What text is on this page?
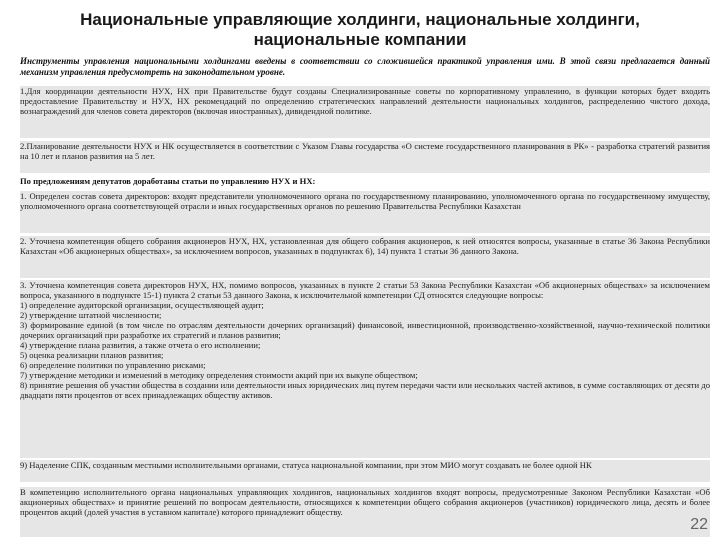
Национальные управляющие холдинги, национальные холдинги, национальные компании
Инструменты управления национальными холдингами введены в соответствии со сложившейся практикой управления ими. В этой связи предлагается данный механизм управления предусмотреть на законодательном уровне.

1.Для координации деятельности НУХ, НХ при Правительстве будут созданы Специализированные советы по корпоративному управлению, в функции которых будет входить предоставление Правительству и НУХ, НХ рекомендаций по определению стратегических направлений деятельности национальных холдингов, распределению чистого дохода, вознаграждений для членов совета директоров (включая иностранных), дивидендной политике.

2.Планирование деятельности НУХ и НК осуществляется в соответствии с Указом Главы государства «О системе государственного планирования в РК» - разработка стратегий развития на 10 лет и планов развития на 5 лет.

По предложениям депутатов доработаны статьи по управлению НУХ и НХ:

1. Определен состав совета директоров: входят представители уполномоченного органа по государственному планированию, уполномоченного органа по государственному имуществу, уполномоченного органа соответствующей отрасли и иных государственных органов по решению Правительства Республики Казахстан

2. Уточнена компетенция общего собрания акционеров НУХ, НХ, установленная для общего собрания акционеров, к ней относятся вопросы, указанные в статье 36 Закона Республики Казахстан «Об акционерных обществах», за исключением вопросов, указанных в подпунктах 6), 14) пункта 1 статьи 36 данного Закона.

3. Уточнена компетенция совета директоров НУХ, НХ, помимо вопросов, указанных в пункте 2 статьи 53 Закона Республики Казахстан «Об акционерных обществах» за исключением вопроса, указанного в подпункте 15-1) пункта 2 статьи 53 данного Закона, к исключительной компетенции СД относятся следующие вопросы:

1) определение аудиторской организации, осуществляющей аудит;

2) утверждение штатной численности;

3) формирование единой (в том числе по отраслям деятельности дочерних организаций) финансовой, инвестиционной, производственно-хозяйственной, научно-технической политики дочерних организаций при разработке их стратегий и планов развития;

4) утверждение плана развития, а также отчета о его исполнении;

5) оценка реализации планов развития;

6) определение политики по управлению рисками;

7) утверждение методики и изменений в методику определения стоимости акций при их выкупе обществом;

8) принятие решения об участии общества в создании или деятельности иных юридических лиц путем передачи части или нескольких частей активов, в сумме составляющих от десяти до двадцати пяти процентов от всех принадлежащих обществу активов.

9) Наделение СПК, созданным местными исполнительными органами, статуса национальной компании, при этом МИО могут создавать не более одной НК

В компетенцию исполнительного органа национальных управляющих холдингов, национальных холдингов входят вопросы, предусмотренные Законом Республики Казахстан «Об акционерных обществах» и принятие решений по вопросам деятельности, относящихся к компетенции общего собрания акционеров (участников) юридического лица, десять и более процентов акций (долей участия в уставном капитале) которого принадлежит обществу.

22
